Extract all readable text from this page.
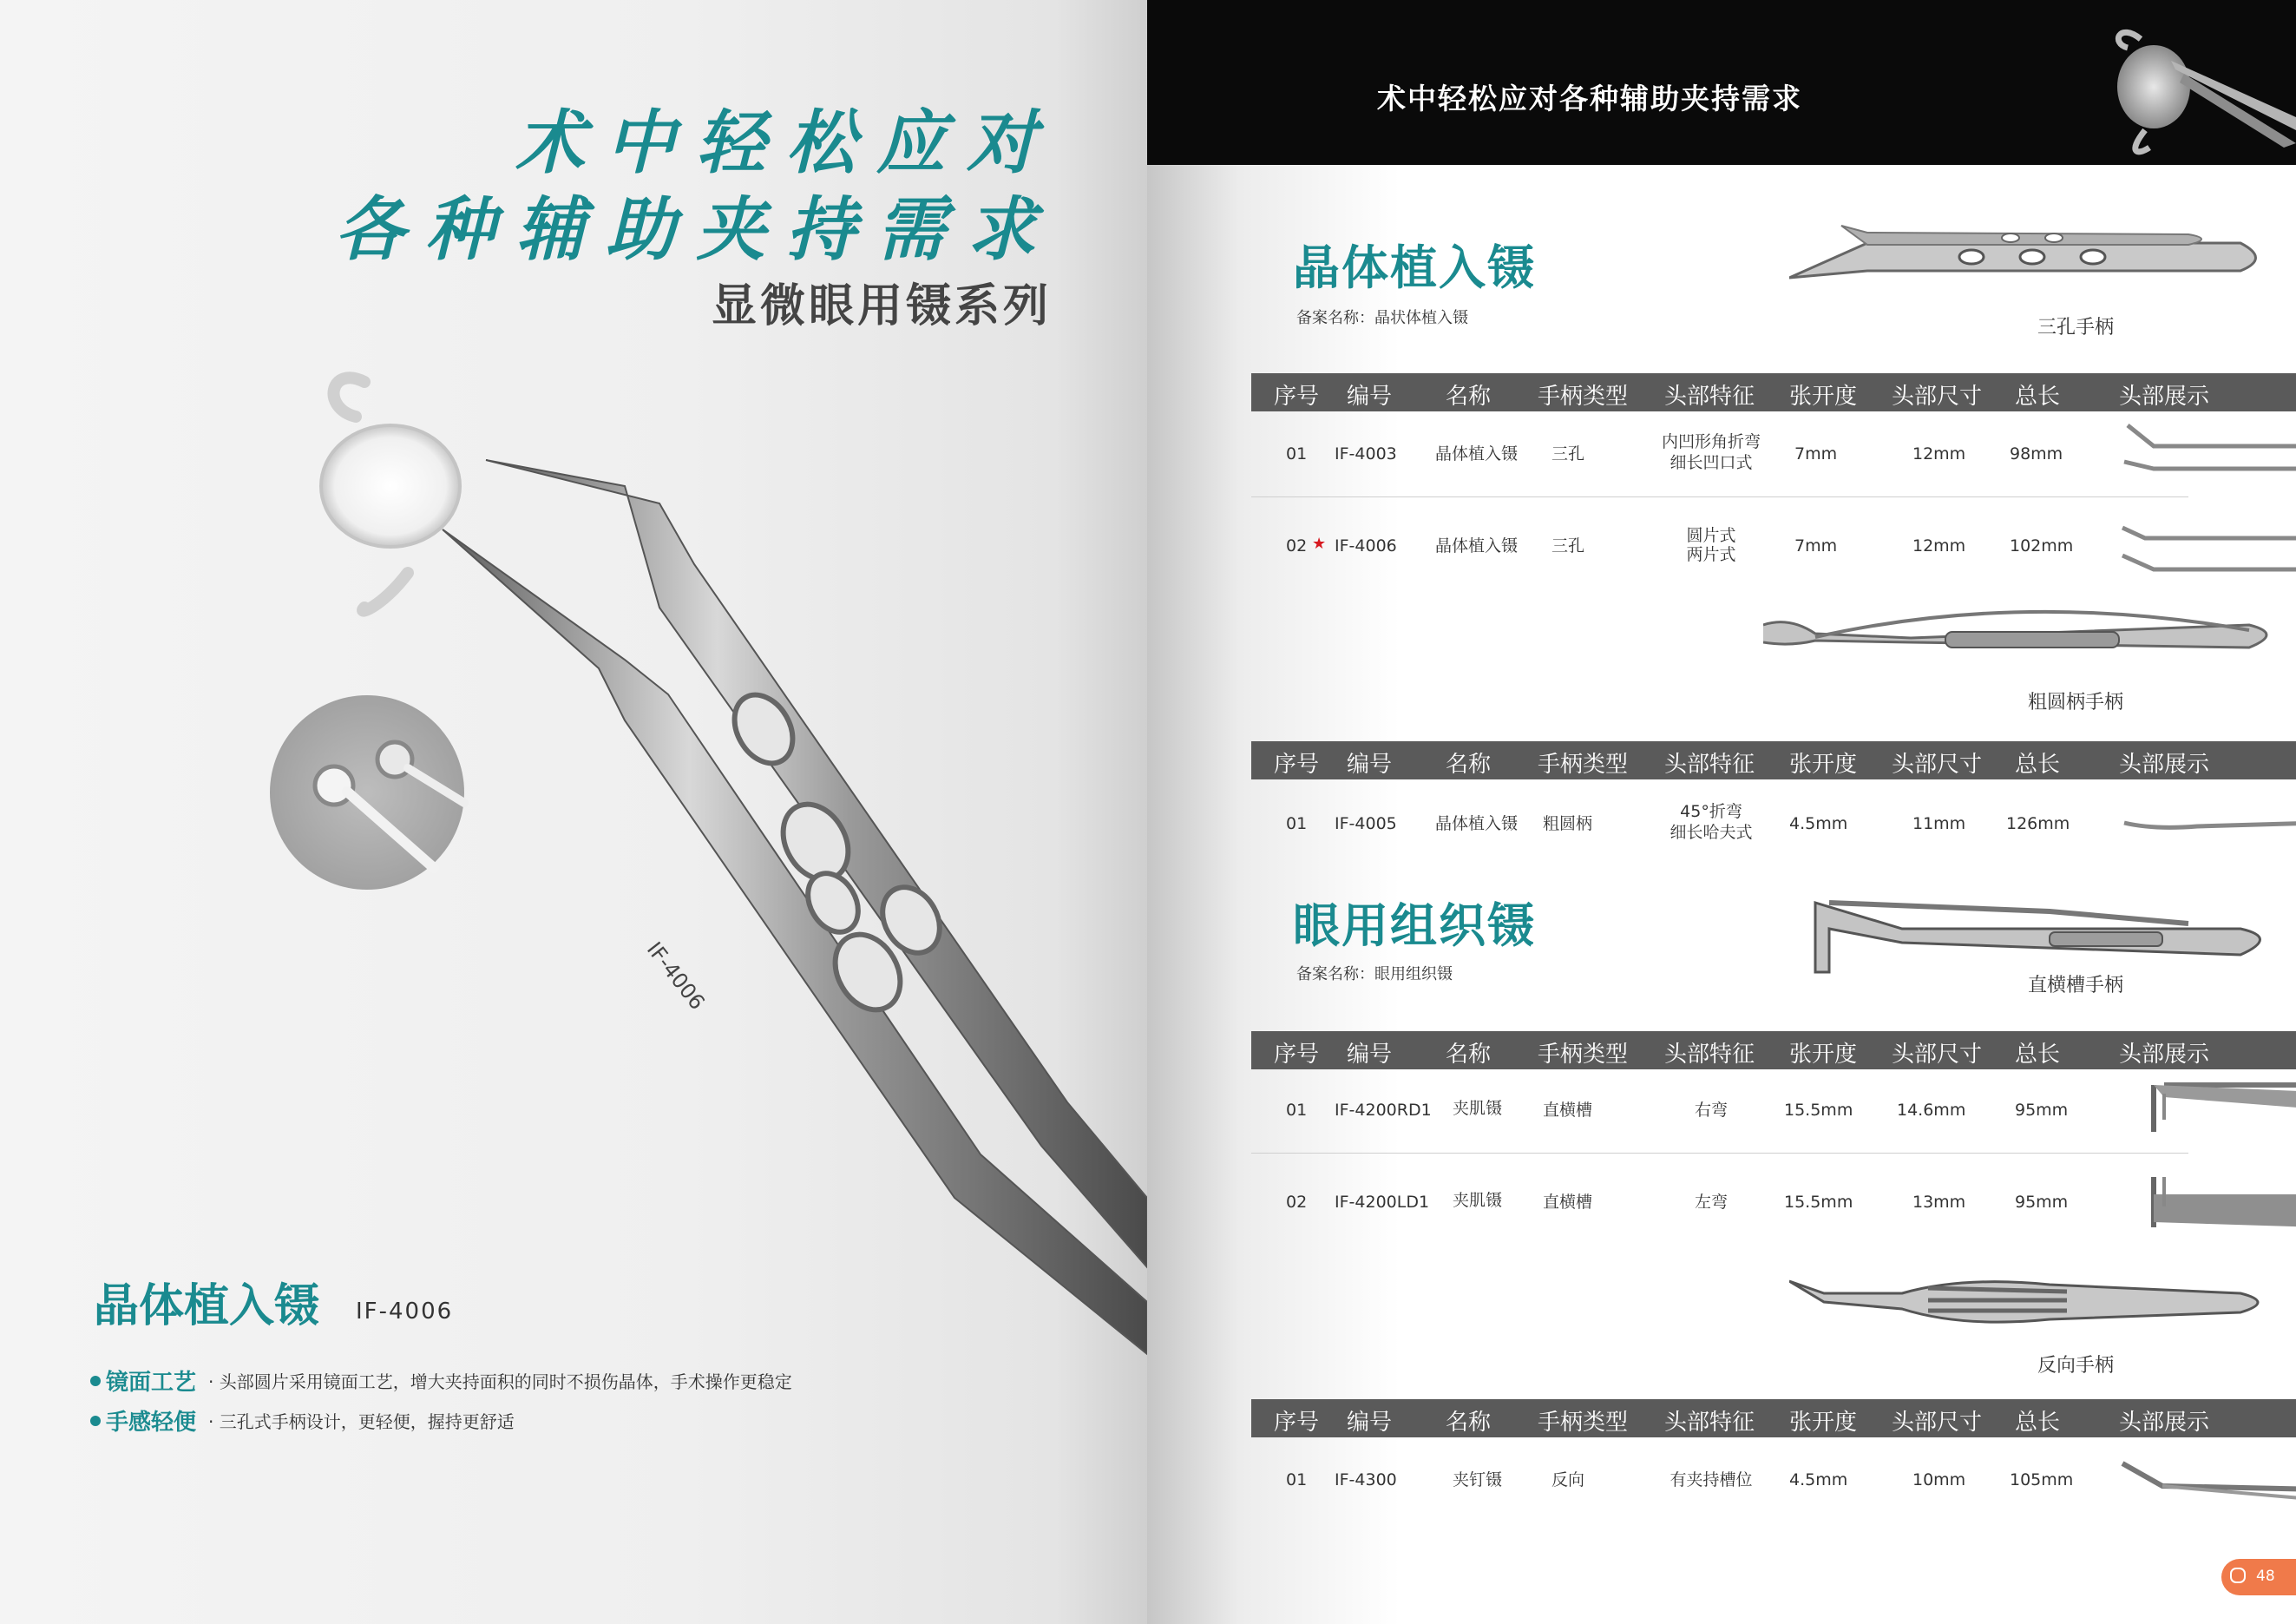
术中轻松应对
各种辅助夹持需求
显微眼用镊系列
IF-4006
晶体植入镊 IF-4006
镜面工艺 · 头部圆片采用镜面工艺，增大夹持面积的同时不损伤晶体，手术操作更稳定
手感轻便 · 三孔式手柄设计，更轻便，握持更舒适
术中轻松应对各种辅助夹持需求
晶体植入镊
备案名称：晶状体植入镊	三孔手柄
序号 编号 名称 手柄类型 头部特征 张开度 头部尺寸 总长	头部展示
01 IF-4003 晶体植入镊 三孔
内凹形角折弯
细长凹口式	7mm	12mm	98mm
02 ★ IF-4006 晶体植入镊 三孔
圆片式
两片式	7mm	12mm	102mm
粗圆柄手柄
序号 编号 名称 手柄类型 头部特征 张开度 头部尺寸 总长	头部展示
01 IF-4005 晶体植入镊 粗圆柄
45°折弯
细长哈夫式	4.5mm	11mm 126mm
眼用组织镊
备案名称：眼用组织镊
直横槽手柄
序号 编号 名称 手柄类型 头部特征 张开度 头部尺寸 总长	头部展示
01 IF-4200RD1 夹肌镊 直横槽	右弯	15.5mm	14.6mm	95mm
02 IF-4200LD1 夹肌镊 直横槽	左弯	15.5mm	13mm	95mm
反向手柄
序号 编号 名称 手柄类型 头部特征 张开度 头部尺寸 总长	头部展示
01 IF-4300	夹钉镊	反向	有夹持槽位	4.5mm	10mm	105mm
48
